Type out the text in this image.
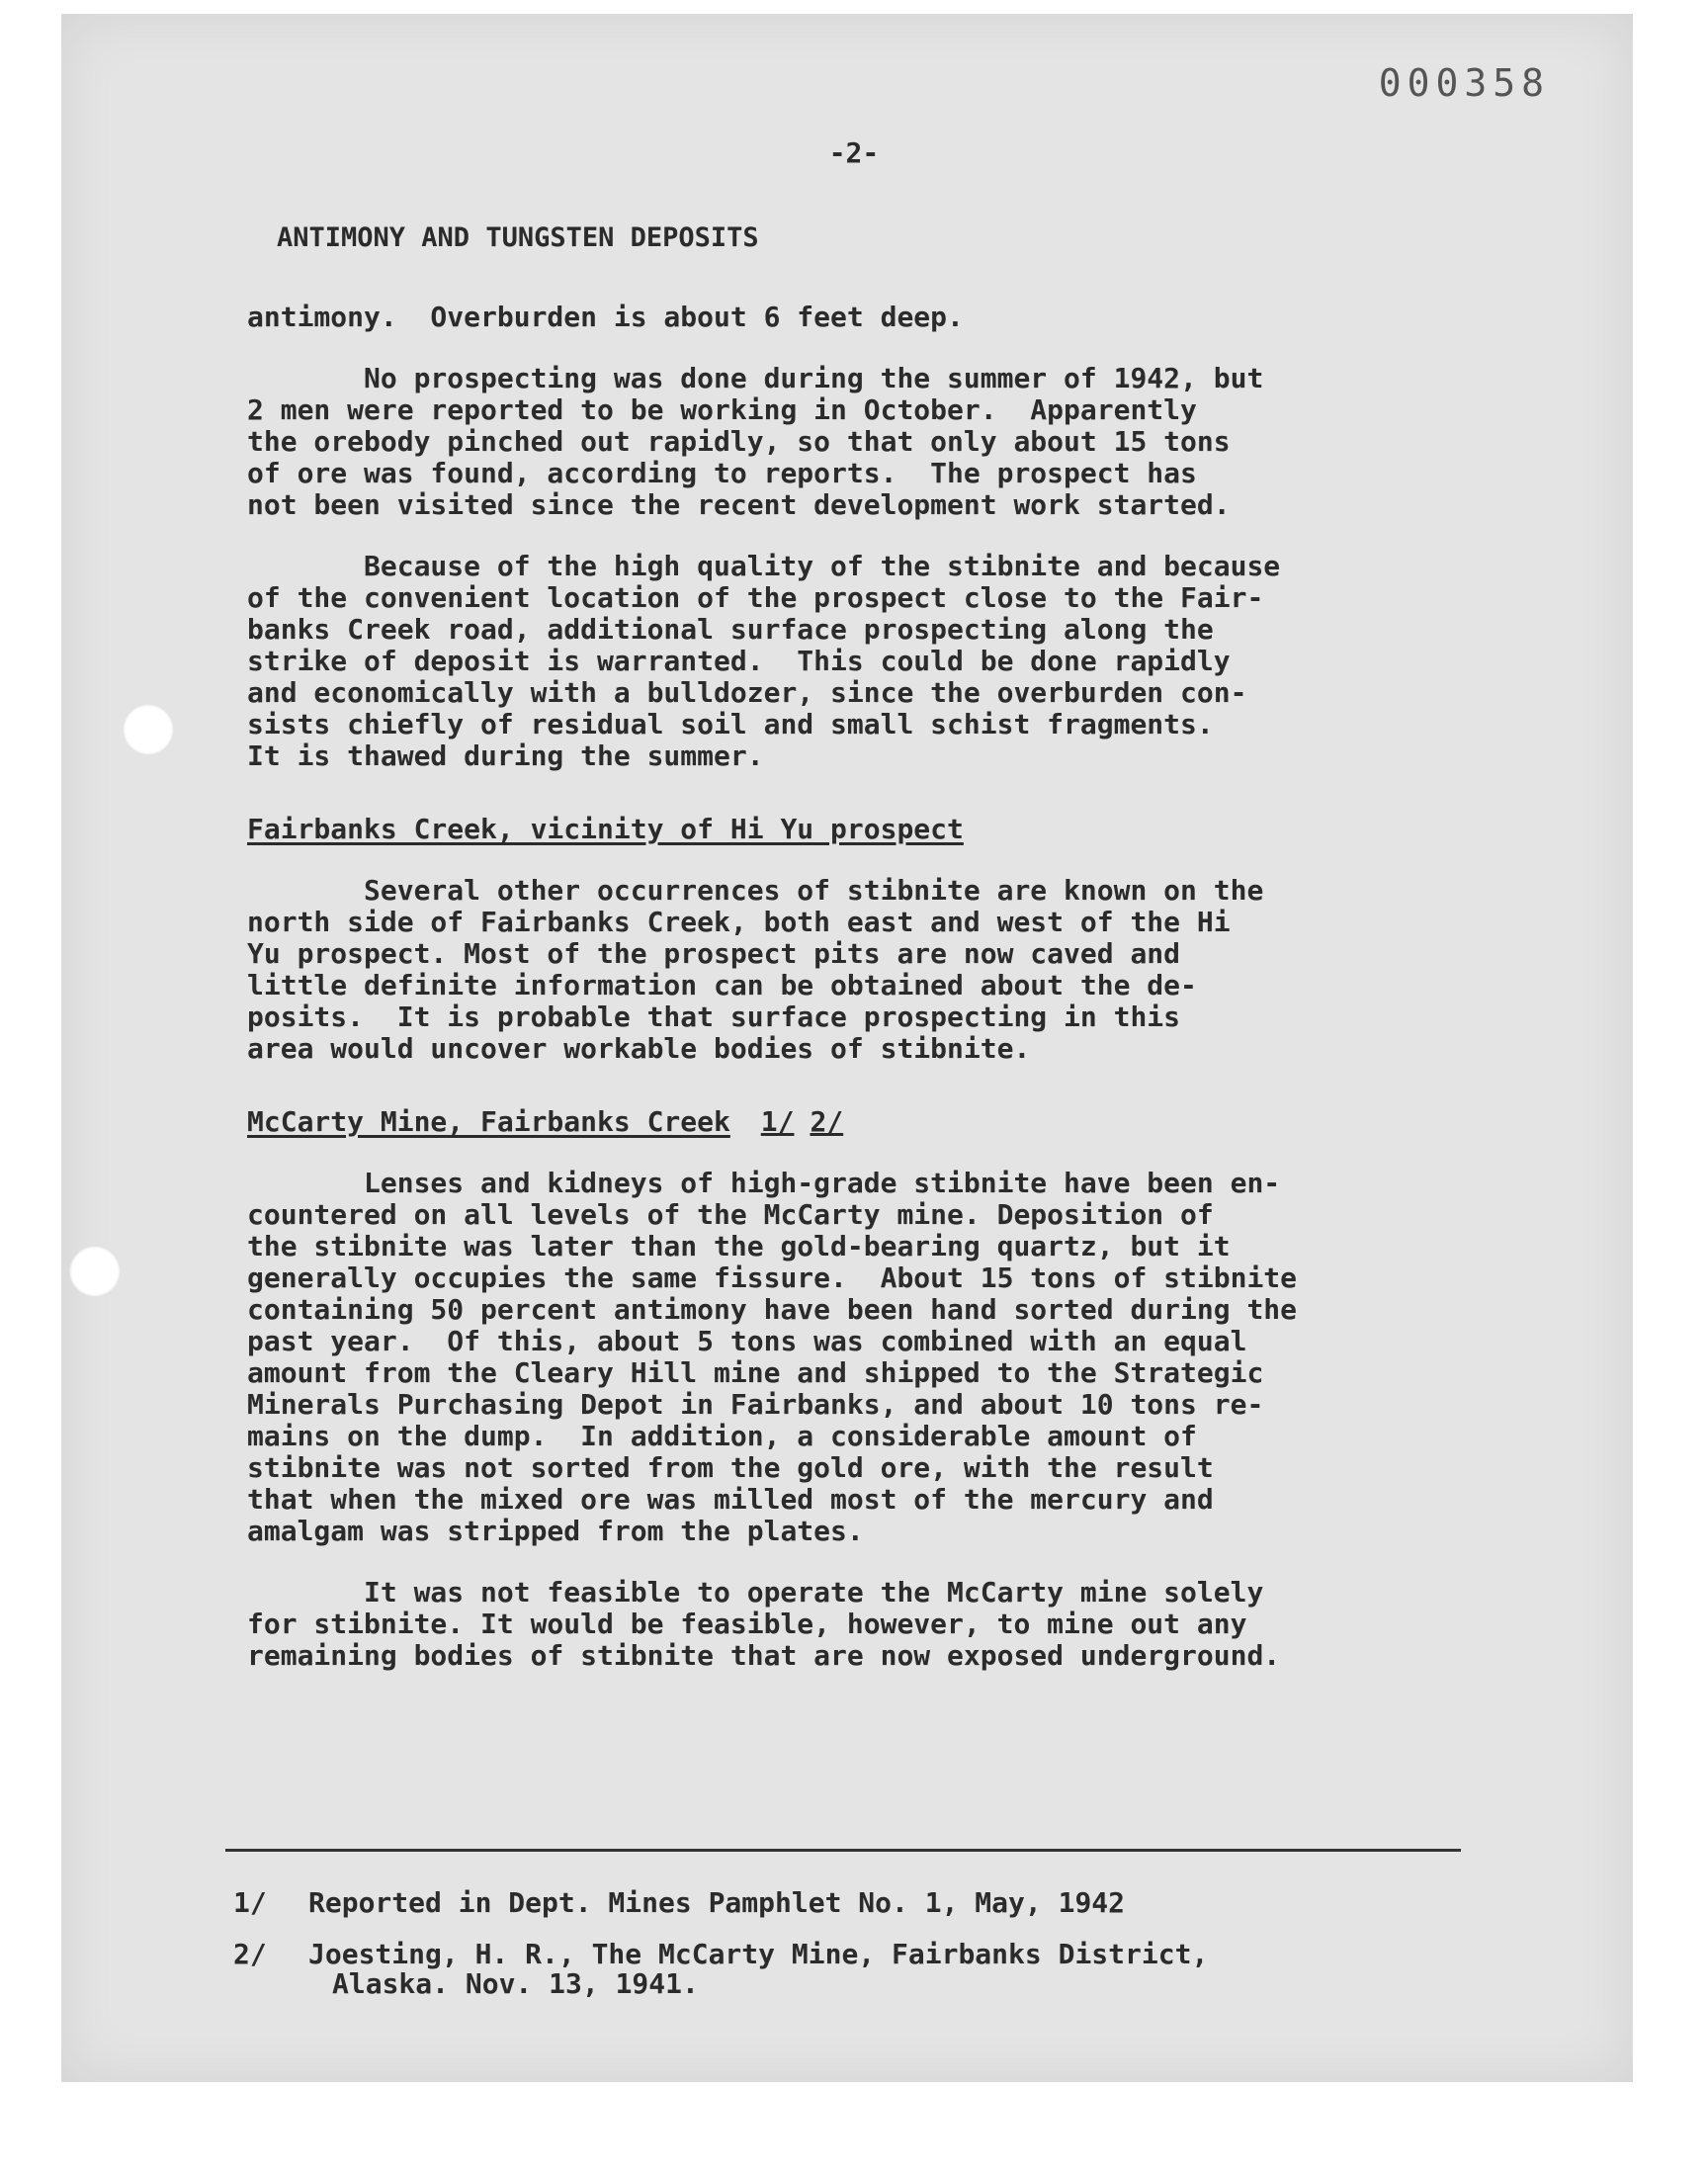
000358
-2-
ANTIMONY AND TUNGSTEN DEPOSITS
antimony.  Overburden is about 6 feet deep.
No prospecting was done during the summer of 1942, but
2 men were reported to be working in October.  Apparently
the orebody pinched out rapidly, so that only about 15 tons
of ore was found, according to reports.  The prospect has
not been visited since the recent development work started.
Because of the high quality of the stibnite and because
of the convenient location of the prospect close to the Fair-
banks Creek road, additional surface prospecting along the
strike of deposit is warranted.  This could be done rapidly
and economically with a bulldozer, since the overburden con-
sists chiefly of residual soil and small schist fragments.
It is thawed during the summer.
Fairbanks Creek, vicinity of Hi Yu prospect
Several other occurrences of stibnite are known on the
north side of Fairbanks Creek, both east and west of the Hi
Yu prospect. Most of the prospect pits are now caved and
little definite information can be obtained about the de-
posits.  It is probable that surface prospecting in this
area would uncover workable bodies of stibnite.
McCarty Mine, Fairbanks Creek 1/ 2/
Lenses and kidneys of high-grade stibnite have been en-
countered on all levels of the McCarty mine. Deposition of
the stibnite was later than the gold-bearing quartz, but it
generally occupies the same fissure.  About 15 tons of stibnite
containing 50 percent antimony have been hand sorted during the
past year.  Of this, about 5 tons was combined with an equal
amount from the Cleary Hill mine and shipped to the Strategic
Minerals Purchasing Depot in Fairbanks, and about 10 tons re-
mains on the dump.  In addition, a considerable amount of
stibnite was not sorted from the gold ore, with the result
that when the mixed ore was milled most of the mercury and
amalgam was stripped from the plates.
It was not feasible to operate the McCarty mine solely
for stibnite. It would be feasible, however, to mine out any
remaining bodies of stibnite that are now exposed underground.
1/	Reported in Dept. Mines Pamphlet No. 1, May, 1942
2/	Joesting, H. R., The McCarty Mine, Fairbanks District,
Alaska. Nov. 13, 1941.
